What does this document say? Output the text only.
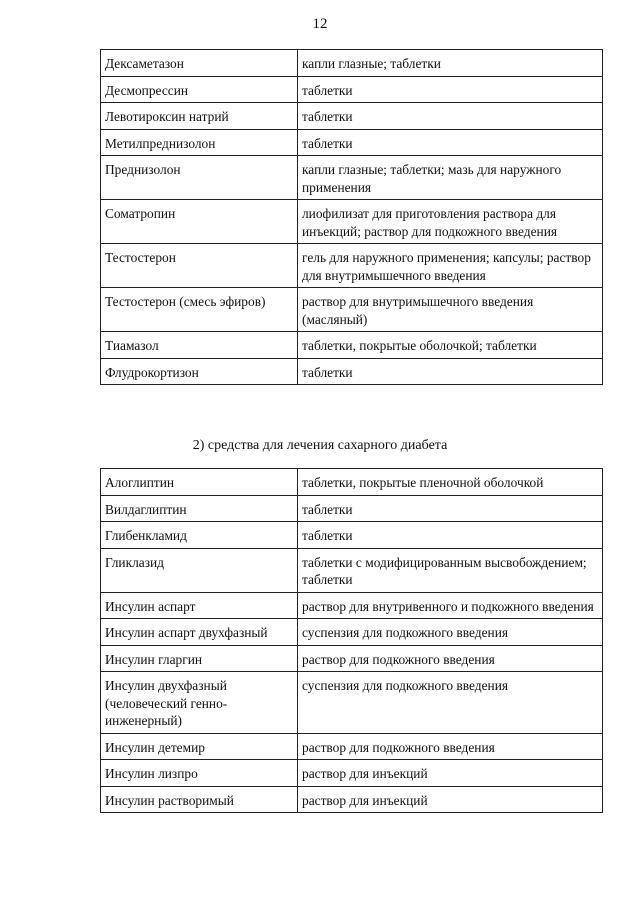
12
Дексаметазон	капли глазные; таблетки
Десмопрессин	таблетки
Левотироксин натрий	таблетки
Метилпреднизолон	таблетки
Преднизолон	капли глазные; таблетки; мазь для наружного применения
Соматропин	лиофилизат для приготовления раствора для инъекций; раствор для подкожного введения
Тестостерон	гель для наружного применения; капсулы; раствор для внутримышечного введения
Тестостерон (смесь эфиров)	раствор для внутримышечного введения (масляный)
Тиамазол	таблетки, покрытые оболочкой; таблетки
Флудрокортизон	таблетки
2) средства для лечения сахарного диабета
Алоглиптин	таблетки, покрытые пленочной оболочкой
Вилдаглиптин	таблетки
Глибенкламид	таблетки
Гликлазид	таблетки с модифицированным высвобождением; таблетки
Инсулин аспарт	раствор для внутривенного и подкожного введения
Инсулин аспарт двухфазный	суспензия для подкожного введения
Инсулин гларгин	раствор для подкожного введения
Инсулин двухфазный (человеческий генно-инженерный)	суспензия для подкожного введения
Инсулин детемир	раствор для подкожного введения
Инсулин лизпро	раствор для инъекций
Инсулин растворимый	раствор для инъекций
